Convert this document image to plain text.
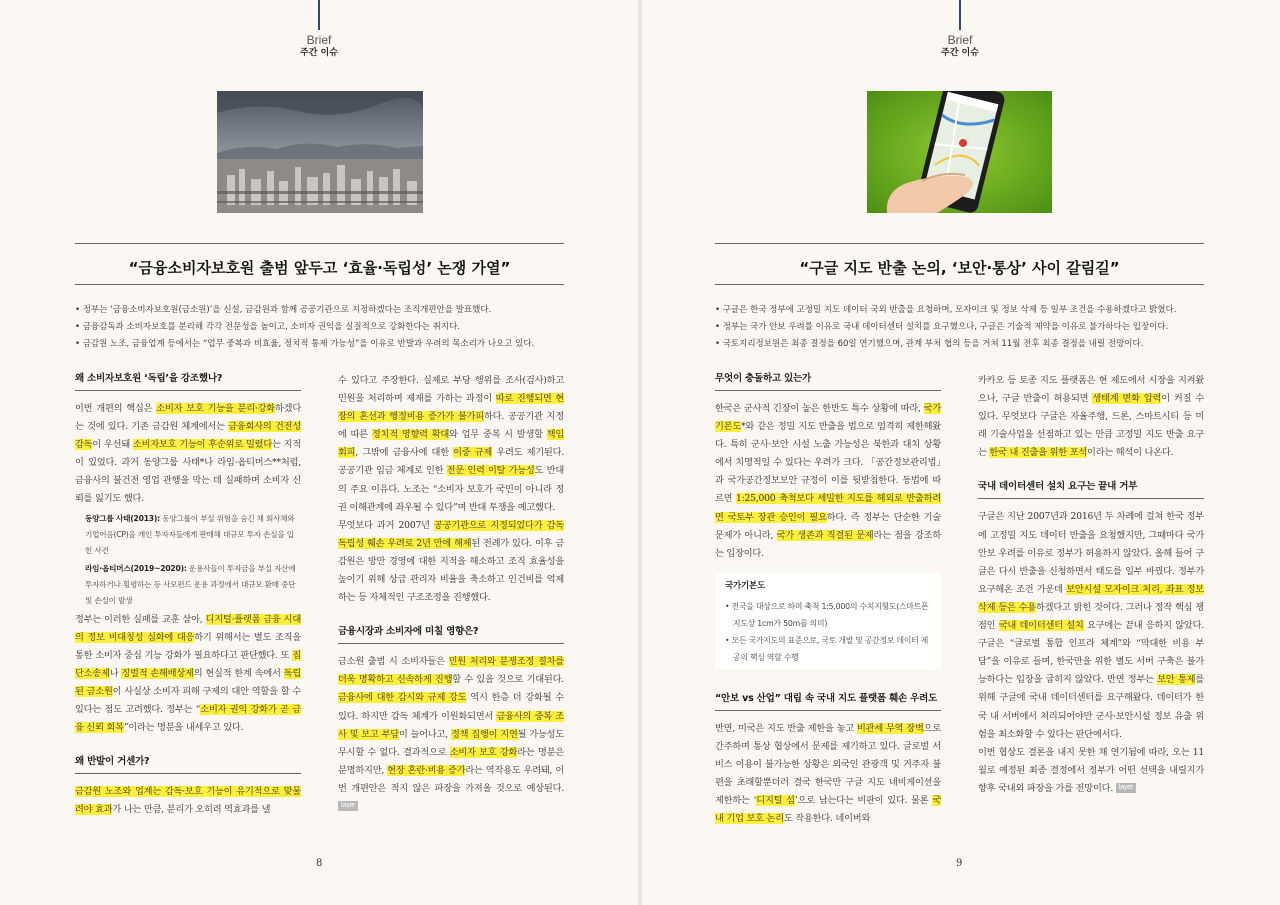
Brief
주간 이슈
“금융소비자보호원 출범 앞두고 ‘효율·독립성’ 논쟁 가열”
• 정부는 ‘금융소비자보호원(금소원)’을 신설, 금감원과 함께 공공기관으로 지정하겠다는 조직개편안을 발표했다.
• 금융감독과 소비자보호를 분리해 각각 전문성을 높이고, 소비자 권익을 실질적으로 강화한다는 취지다.
• 금감원 노조, 금융업계 등에서는 “업무 중복과 비효율, 정치적 통제 가능성”을 이유로 반발과 우려의 목소리가 나오고 있다.
왜 소비자보호원 ‘독립’을 강조했나?

이번 개편의 핵심은 소비자 보호 기능을 분리·강화하겠다는 것에 있다. 기존 금감원 체계에서는 금융회사의 건전성 감독이 우선돼 소비자보호 기능이 후순위로 밀렸다는 지적이 있었다. 과거 동양그룹 사태*나 라임·옵티머스**처럼, 금융사의 불건전 영업 관행을 막는 데 실패하며 소비자 신뢰를 잃기도 했다.

동양그룹 사태(2013): 동양그룹이 부실 위험을 숨긴 채 회사채와 기업어음(CP)을 개인 투자자들에게 판매해 대규모 투자 손실을 입힌 사건
라임·옵티머스(2019~2020): 운용사들이 투자금을 부실 자산에 투자하거나 횡령하는 등 사모펀드 운용 과정에서 대규모 환매 중단 및 손실이 발생

정부는 이러한 실패를 교훈 삼아, 디지털·플랫폼 금융 시대의 정보 비대칭성 심화에 대응하기 위해서는 별도 조직을 통한 소비자 중심 기능 강화가 필요하다고 판단했다. 또 집단소송제나 징벌적 손해배상제의 현실적 한계 속에서 독립된 금소원이 사실상 소비자 피해 구제의 대안 역할을 할 수 있다는 점도 고려했다. 정부는 “소비자 권익 강화가 곧 금융 신뢰 회복”이라는 명분을 내세우고 있다.

왜 반발이 거센가?

금감원 노조와 업계는 감독·보호 기능이 유기적으로 맞물려야 효과가 나는 만큼, 분리가 오히려 역효과를 낼

수 있다고 주장한다. 실제로 부당 행위를 조사(검사)하고 민원을 처리하며 제재를 가하는 과정이 따로 진행되면 현장의 혼선과 행정비용 증가가 불가피하다. 공공기관 지정에 따른 정치적 영향력 확대와 업무 중복 시 발생할 책임 회피, 그밖에 금융사에 대한 이중 규제 우려도 제기된다. 공공기관 임금 체계로 인한 전문 인력 이탈 가능성도 반대의 주요 이유다. 노조는 “소비자 보호가 국민이 아니라 정권 이해관계에 좌우될 수 있다”며 반대 투쟁을 예고했다.

무엇보다 과거 2007년 공공기관으로 지정되었다가 감독 독립성 훼손 우려로 2년 만에 해제된 전례가 있다. 이후 금감원은 방만 경영에 대한 지적을 해소하고 조직 효율성을 높이기 위해 상급 관리자 비율을 축소하고 인건비를 억제하는 등 자체적인 구조조정을 진행했다.

금융시장과 소비자에 미칠 영향은?

금소원 출범 시 소비자들은 민원 처리와 분쟁조정 절차를 더욱 명확하고 신속하게 진행할 수 있을 것으로 기대된다. 금융사에 대한 감시와 규제 강도 역시 한층 더 강화될 수 있다. 하지만 감독 체계가 이원화되면서 금융사의 중복 조사 및 보고 부담이 늘어나고, 정책 집행이 지연될 가능성도 무시할 수 없다. 결과적으로 소비자 보호 강화라는 명분은 분명하지만, 현장 혼란·비용 증가라는 역작용도 우려돼, 이번 개편안은 적지 않은 파장을 가져올 것으로 예상된다. layer

8
Brief
주간 이슈
“구글 지도 반출 논의, ‘보안·통상’ 사이 갈림길”
• 구글은 한국 정부에 고정밀 지도 데이터 국외 반출을 요청하며, 모자이크 및 정보 삭제 등 일부 조건을 수용하겠다고 밝혔다.
• 정부는 국가 안보 우려를 이유로 국내 데이터센터 설치를 요구했으나, 구글은 기술적 제약을 이유로 불가하다는 입장이다.
• 국토지리정보원은 최종 결정을 60일 연기했으며, 관계 부처 협의 등을 거쳐 11월 전후 최종 결정을 내릴 전망이다.
무엇이 충돌하고 있는가

한국은 군사적 긴장이 높은 한반도 특수 상황에 따라, 국가기본도*와 같은 정밀 지도 반출을 법으로 엄격히 제한해왔다. 특히 군사·보안 시설 노출 가능성은 북한과 대치 상황에서 치명적일 수 있다는 우려가 크다. 「공간정보관리법」과 국가공간정보보안 규정이 이를 뒷받침한다. 동법에 따르면 1:25,000 축척보다 세밀한 지도를 해외로 반출하려면 국토부 장관 승인이 필요하다. 즉 정부는 단순한 기술 문제가 아니라, 국가 생존과 직결된 문제라는 점을 강조하는 입장이다.

국가기본도
• 전국을 대상으로 하며 축척 1:5,000의 수치지형도(스마트폰 지도상 1cm가 50m를 의미)
• 모든 국가지도의 표준으로, 국토 개발 및 공간정보 데이터 제공의 핵심 역할 수행
“안보 vs 산업” 대립 속 국내 지도 플랫폼 훼손 우려도

반면, 미국은 지도 반출 제한을 놓고 비관세 무역 장벽으로 간주하며 통상 협상에서 문제를 제기하고 있다. 글로벌 서비스 이용이 불가능한 상황은 외국인 관광객 및 거주자 불편을 초래할뿐더러 결국 한국만 구글 지도 네비게이션을 제한하는 ‘디지털 섬’으로 남는다는 비판이 있다. 물론 국내 기업 보호 논리도 작용한다. 네이버와

카카오 등 토종 지도 플랫폼은 현 제도에서 시장을 지켜왔으나, 구글 반출이 허용되면 생태계 변화 압력이 커질 수 있다. 무엇보다 구글은 자율주행, 드론, 스마트시티 등 미래 기술사업을 선점하고 있는 만큼 고정밀 지도 반출 요구는 한국 내 진출을 위한 포석이라는 해석이 나온다.

국내 데이터센터 설치 요구는 끝내 거부

구글은 지난 2007년과 2016년 두 차례에 걸쳐 한국 정부에 고정밀 지도 데이터 반출을 요청했지만, 그때마다 국가 안보 우려를 이유로 정부가 허용하지 않았다. 올해 들어 구글은 다시 반출을 신청하면서 태도를 일부 바꿨다. 정부가 요구해온 조건 가운데 보안시설 모자이크 처리, 좌표 정보 삭제 등은 수용하겠다고 밝힌 것이다. 그러나 정작 핵심 쟁점인 국내 데이터센터 설치 요구에는 끝내 응하지 않았다. 구글은 “글로벌 통합 인프라 체계”와 “막대한 비용 부담”을 이유로 들며, 한국만을 위한 별도 서버 구축은 불가능하다는 입장을 굽히지 않았다. 반면 정부는 보안 통제를 위해 구글에 국내 데이터센터를 요구해왔다. 데이터가 한국 내 서버에서 처리되어야만 군사·보안시설 정보 유출 위험을 최소화할 수 있다는 판단에서다.

이번 협상도 결론을 내지 못한 채 연기됨에 따라, 오는 11월로 예정된 최종 결정에서 정부가 어떤 선택을 내릴지가 향후 국내외 파장을 가를 전망이다. layer

9
